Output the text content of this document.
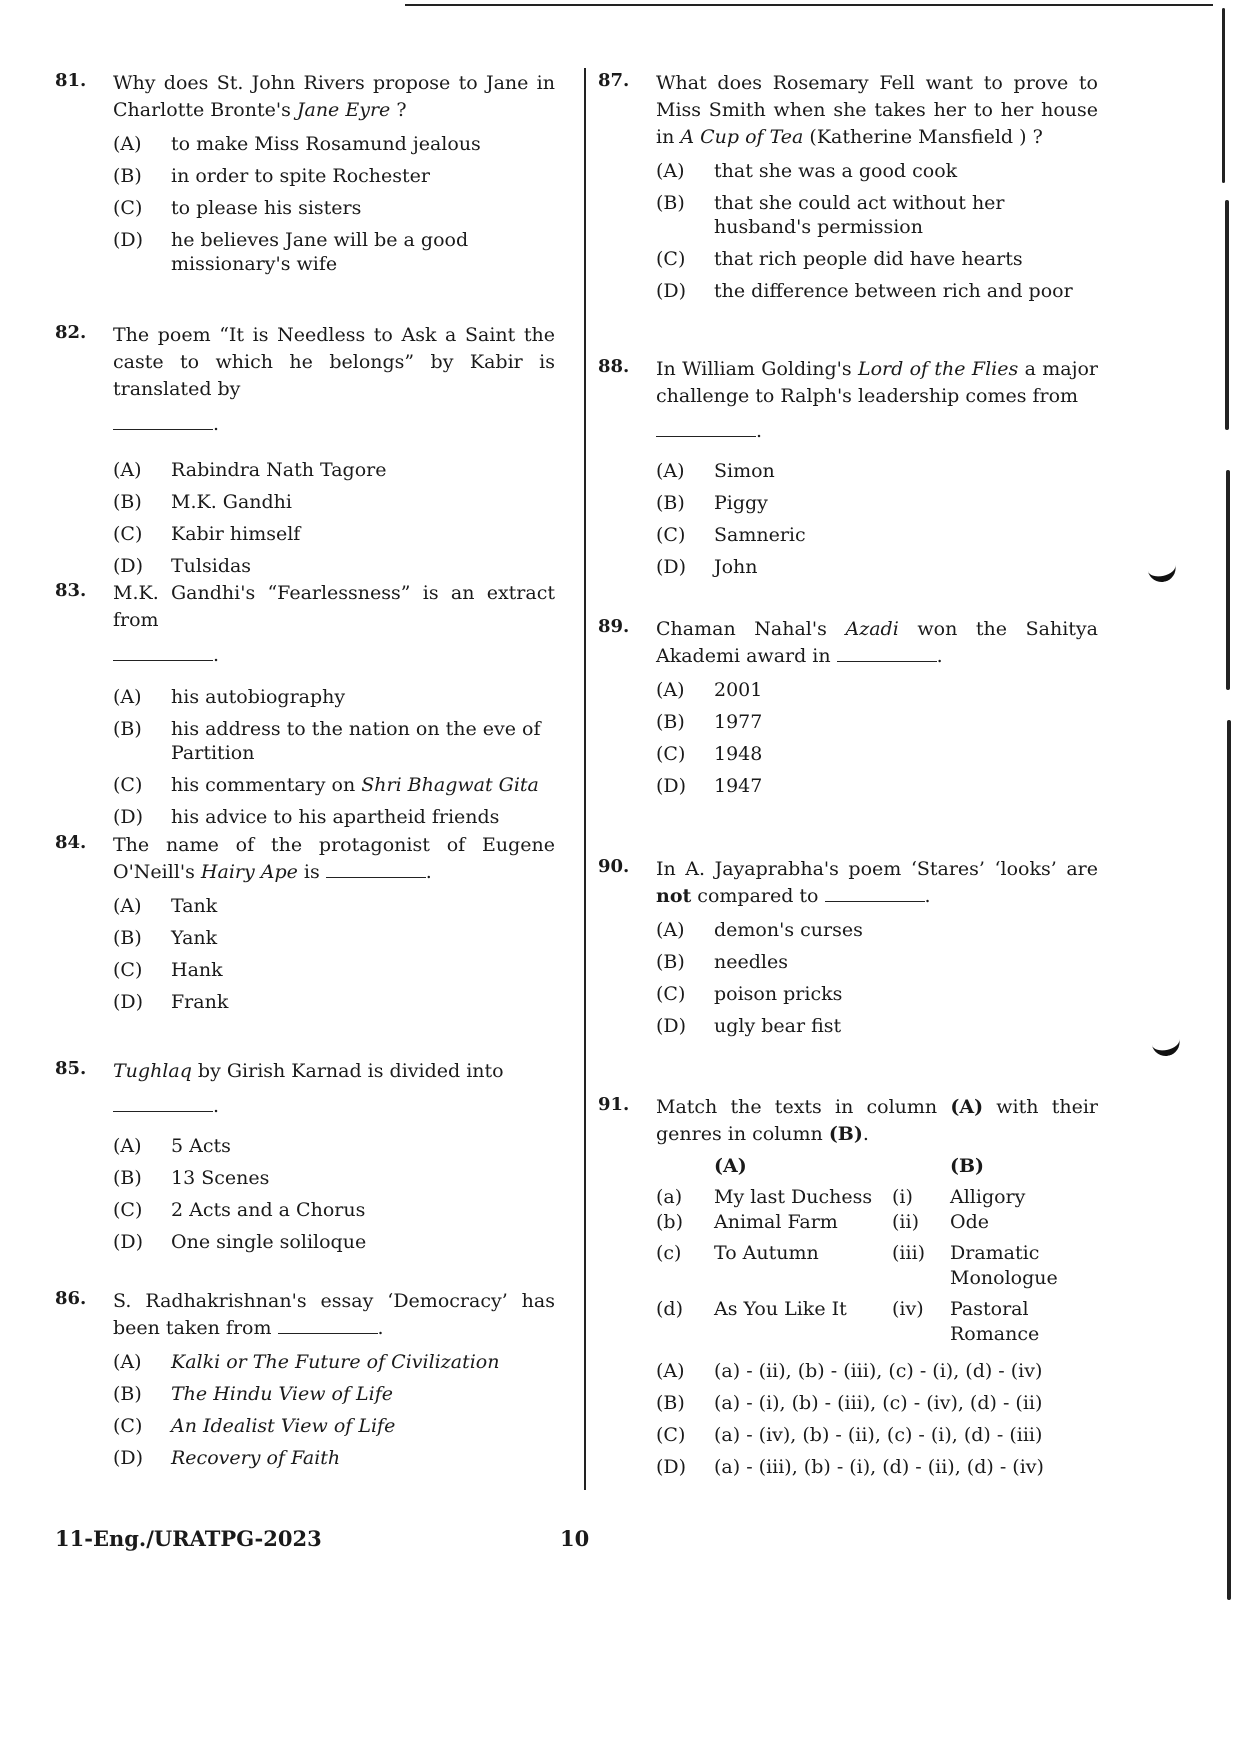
81. Why does St. John Rivers propose to Jane in Charlotte Bronte's Jane Eyre ?
(A)	to make Miss Rosamund jealous
(B)	in order to spite Rochester
(C)	to please his sisters
(D)	he believes Jane will be a good missionary's wife
82. The poem “It is Needless to Ask a Saint the caste to which he belongs” by Kabir is translated by
.
(A)	Rabindra Nath Tagore
(B)	M.K. Gandhi
(C)	Kabir himself
(D)	Tulsidas
83. M.K. Gandhi's “Fearlessness” is an extract from
.
(A)	his autobiography
(B)	his address to the nation on the eve of Partition
(C)	his commentary on Shri Bhagwat Gita
(D)	his advice to his apartheid friends
84. The name of the protagonist of Eugene O'Neill's Hairy Ape is	.
(A)	Tank
(B)	Yank
(C)	Hank
(D)	Frank
85. Tughlaq by Girish Karnad is divided into
.
(A)	5 Acts
(B)	13 Scenes
(C)	2 Acts and a Chorus
(D)	One single soliloque
86. S. Radhakrishnan's essay ‘Democracy’ has been taken from	.
(A)	Kalki or The Future of Civilization
(B)	The Hindu View of Life
(C)	An Idealist View of Life
(D)	Recovery of Faith
87. What does Rosemary Fell want to prove to Miss Smith when she takes her to her house in A Cup of Tea (Katherine Mansfield ) ?
(A)	that she was a good cook
(B)	that she could act without her husband's permission
(C)	that rich people did have hearts
(D)	the difference between rich and poor
88. In William Golding's Lord of the Flies a major challenge to Ralph's leadership comes from
.
(A)	Simon
(B)	Piggy
(C)	Samneric
(D)	John
89. Chaman Nahal's Azadi won the Sahitya Akademi award in	.
(A)	2001
(B)	1977
(C)	1948
(D)	1947
90. In A. Jayaprabha's poem ‘Stares’ ‘looks’ are not compared to	.
(A)	demon's curses
(B)	needles
(C)	poison pricks
(D)	ugly bear fist
91. Match the texts in column (A) with their genres in column (B).
(A)	(B)
(a)	My last Duchess	(i)	Alligory
(b)	Animal Farm	(ii)	Ode
(c)	To Autumn	(iii)	Dramatic Monologue
(d)	As You Like It	(iv)	Pastoral Romance
(A)	(a) - (ii), (b) - (iii), (c) - (i), (d) - (iv)
(B)	(a) - (i), (b) - (iii), (c) - (iv), (d) - (ii)
(C)	(a) - (iv), (b) - (ii), (c) - (i), (d) - (iii)
(D)	(a) - (iii), (b) - (i), (d) - (ii), (d) - (iv)
11-Eng./URATPG-2023	10
